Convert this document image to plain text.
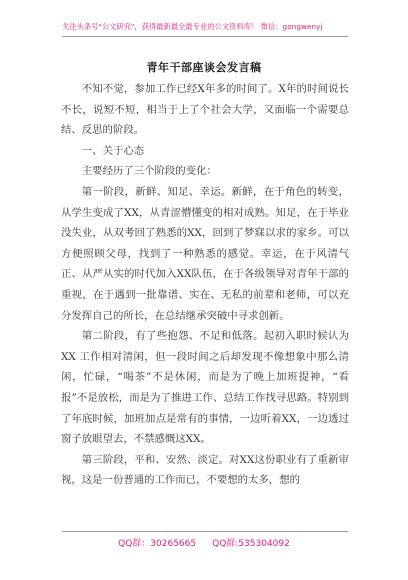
关注头条号"公文研究"，获得最新最全最专业的公文资料库！ 微信：gongwenyj
青年干部座谈会发言稿

不知不觉，参加工作已经X年多的时间了。X年的时间说长不长，说短不短，相当于上了个社会大学，又面临一个需要总结、反思的阶段。

一、关于心态

主要经历了三个阶段的变化：

第一阶段，新鲜、知足、幸运。新鲜，在于角色的转变，从学生变成了XX，从青涩懵懂变的相对成熟。知足，在于毕业没失业，从双考回了熟悉的XX，回到了梦寐以求的家乡。可以方便照顾父母，找到了一种熟悉的感觉。幸运，在于风清气正、从严从实的时代加入XX队伍，在于各级领导对青年干部的重视，在于遇到一批靠谱、实在、无私的前辈和老师，可以充分发挥自己的所长，在总结继承突破中寻求创新。

第二阶段，有了些抱怨、不足和低落。起初入职时候认为 XX 工作相对清闲，但一段时间之后却发现不像想象中那么清闲，忙碌，“喝茶”不是休闲，而是为了晚上加班提神，“看报”不是放松，而是为了推进工作、总结工作找寻思路。特别到了年底时候，加班加点是常有的事情，一边听着XX，一边透过窗子放眼望去，不禁感慨这XX。

第三阶段，平和、安然、淡定。对XX这份职业有了重新审视，这是一份普通的工作而已，不要想的太多，想的

QQ群：30265665 QQ群:535304092
